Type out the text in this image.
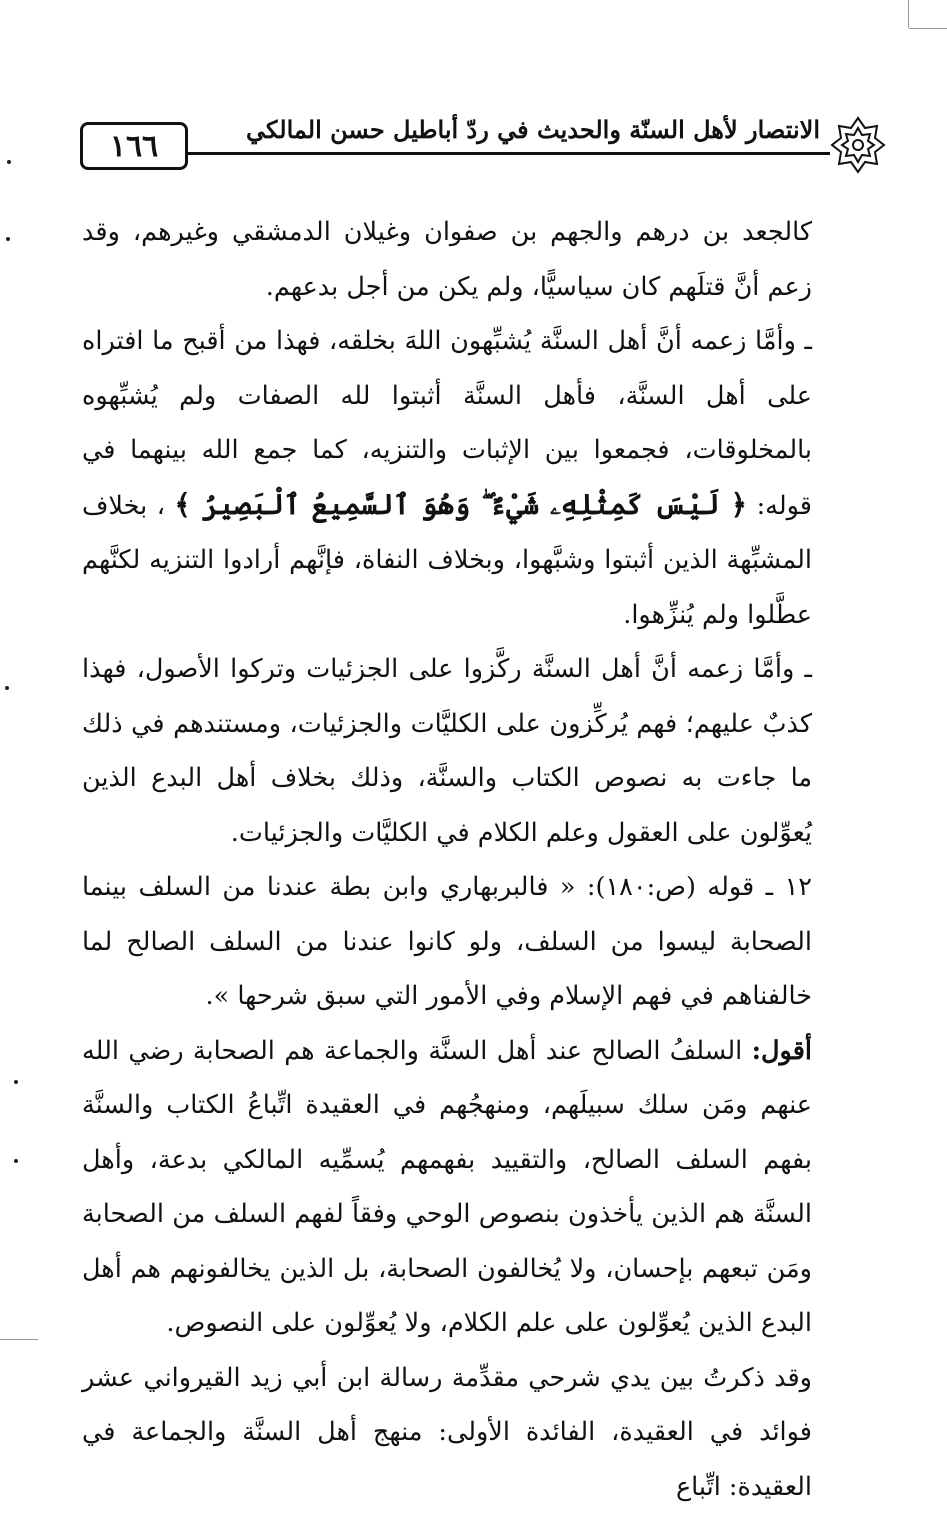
١٦٦	الانتصار لأهل السنّة والحديث في ردّ أباطيل حسن المالكي

كالجعد بن درهم والجهم بن صفوان وغيلان الدمشقي وغيرهم، وقد زعم أنَّ قتلَهم كان سياسيًّا، ولم يكن من أجل بدعهم.

ـ وأمَّا زعمه أنَّ أهل السنَّة يُشبِّهون اللهَ بخلقه، فهذا من أقبح ما افتراه على أهل السنَّة، فأهل السنَّة أثبتوا لله الصفات ولم يُشبِّهوه بالمخلوقات، فجمعوا بين الإثبات والتنزيه، كما جمع الله بينهما في قوله: ﴿ لَيْسَ كَمِثْلِهِۦ شَيْءٌ ۖ وَهُوَ ٱلسَّمِيعُ ٱلْبَصِيرُ ﴾ ، بخلاف المشبِّهة الذين أثبتوا وشبَّهوا، وبخلاف النفاة، فإنَّهم أرادوا التنزيه لكنَّهم عطَّلوا ولم يُنزِّهوا.

ـ وأمَّا زعمه أنَّ أهل السنَّة ركَّزوا على الجزئيات وتركوا الأصول، فهذا كذبٌ عليهم؛ فهم يُركِّزون على الكليَّات والجزئيات، ومستندهم في ذلك ما جاءت به نصوص الكتاب والسنَّة، وذلك بخلاف أهل البدع الذين يُعوِّلون على العقول وعلم الكلام في الكليَّات والجزئيات.

١٢ ـ قوله (ص:١٨٠): « فالبربهاري وابن بطة عندنا من السلف بينما الصحابة ليسوا من السلف، ولو كانوا عندنا من السلف الصالح لما خالفناهم في فهم الإسلام وفي الأمور التي سبق شرحها ».

أقول: السلفُ الصالح عند أهل السنَّة والجماعة هم الصحابة رضي الله عنهم ومَن سلك سبيلَهم، ومنهجُهم في العقيدة اتِّباعُ الكتاب والسنَّة بفهم السلف الصالح، والتقييد بفهمهم يُسمِّيه المالكي بدعة، وأهل السنَّة هم الذين يأخذون بنصوص الوحي وفقاً لفهم السلف من الصحابة ومَن تبعهم بإحسان، ولا يُخالفون الصحابة، بل الذين يخالفونهم هم أهل البدع الذين يُعوِّلون على علم الكلام، ولا يُعوِّلون على النصوص.

وقد ذكرتُ بين يدي شرحي مقدِّمة رسالة ابن أبي زيد القيرواني عشر فوائد في العقيدة، الفائدة الأولى: منهج أهل السنَّة والجماعة في العقيدة: اتِّباع
